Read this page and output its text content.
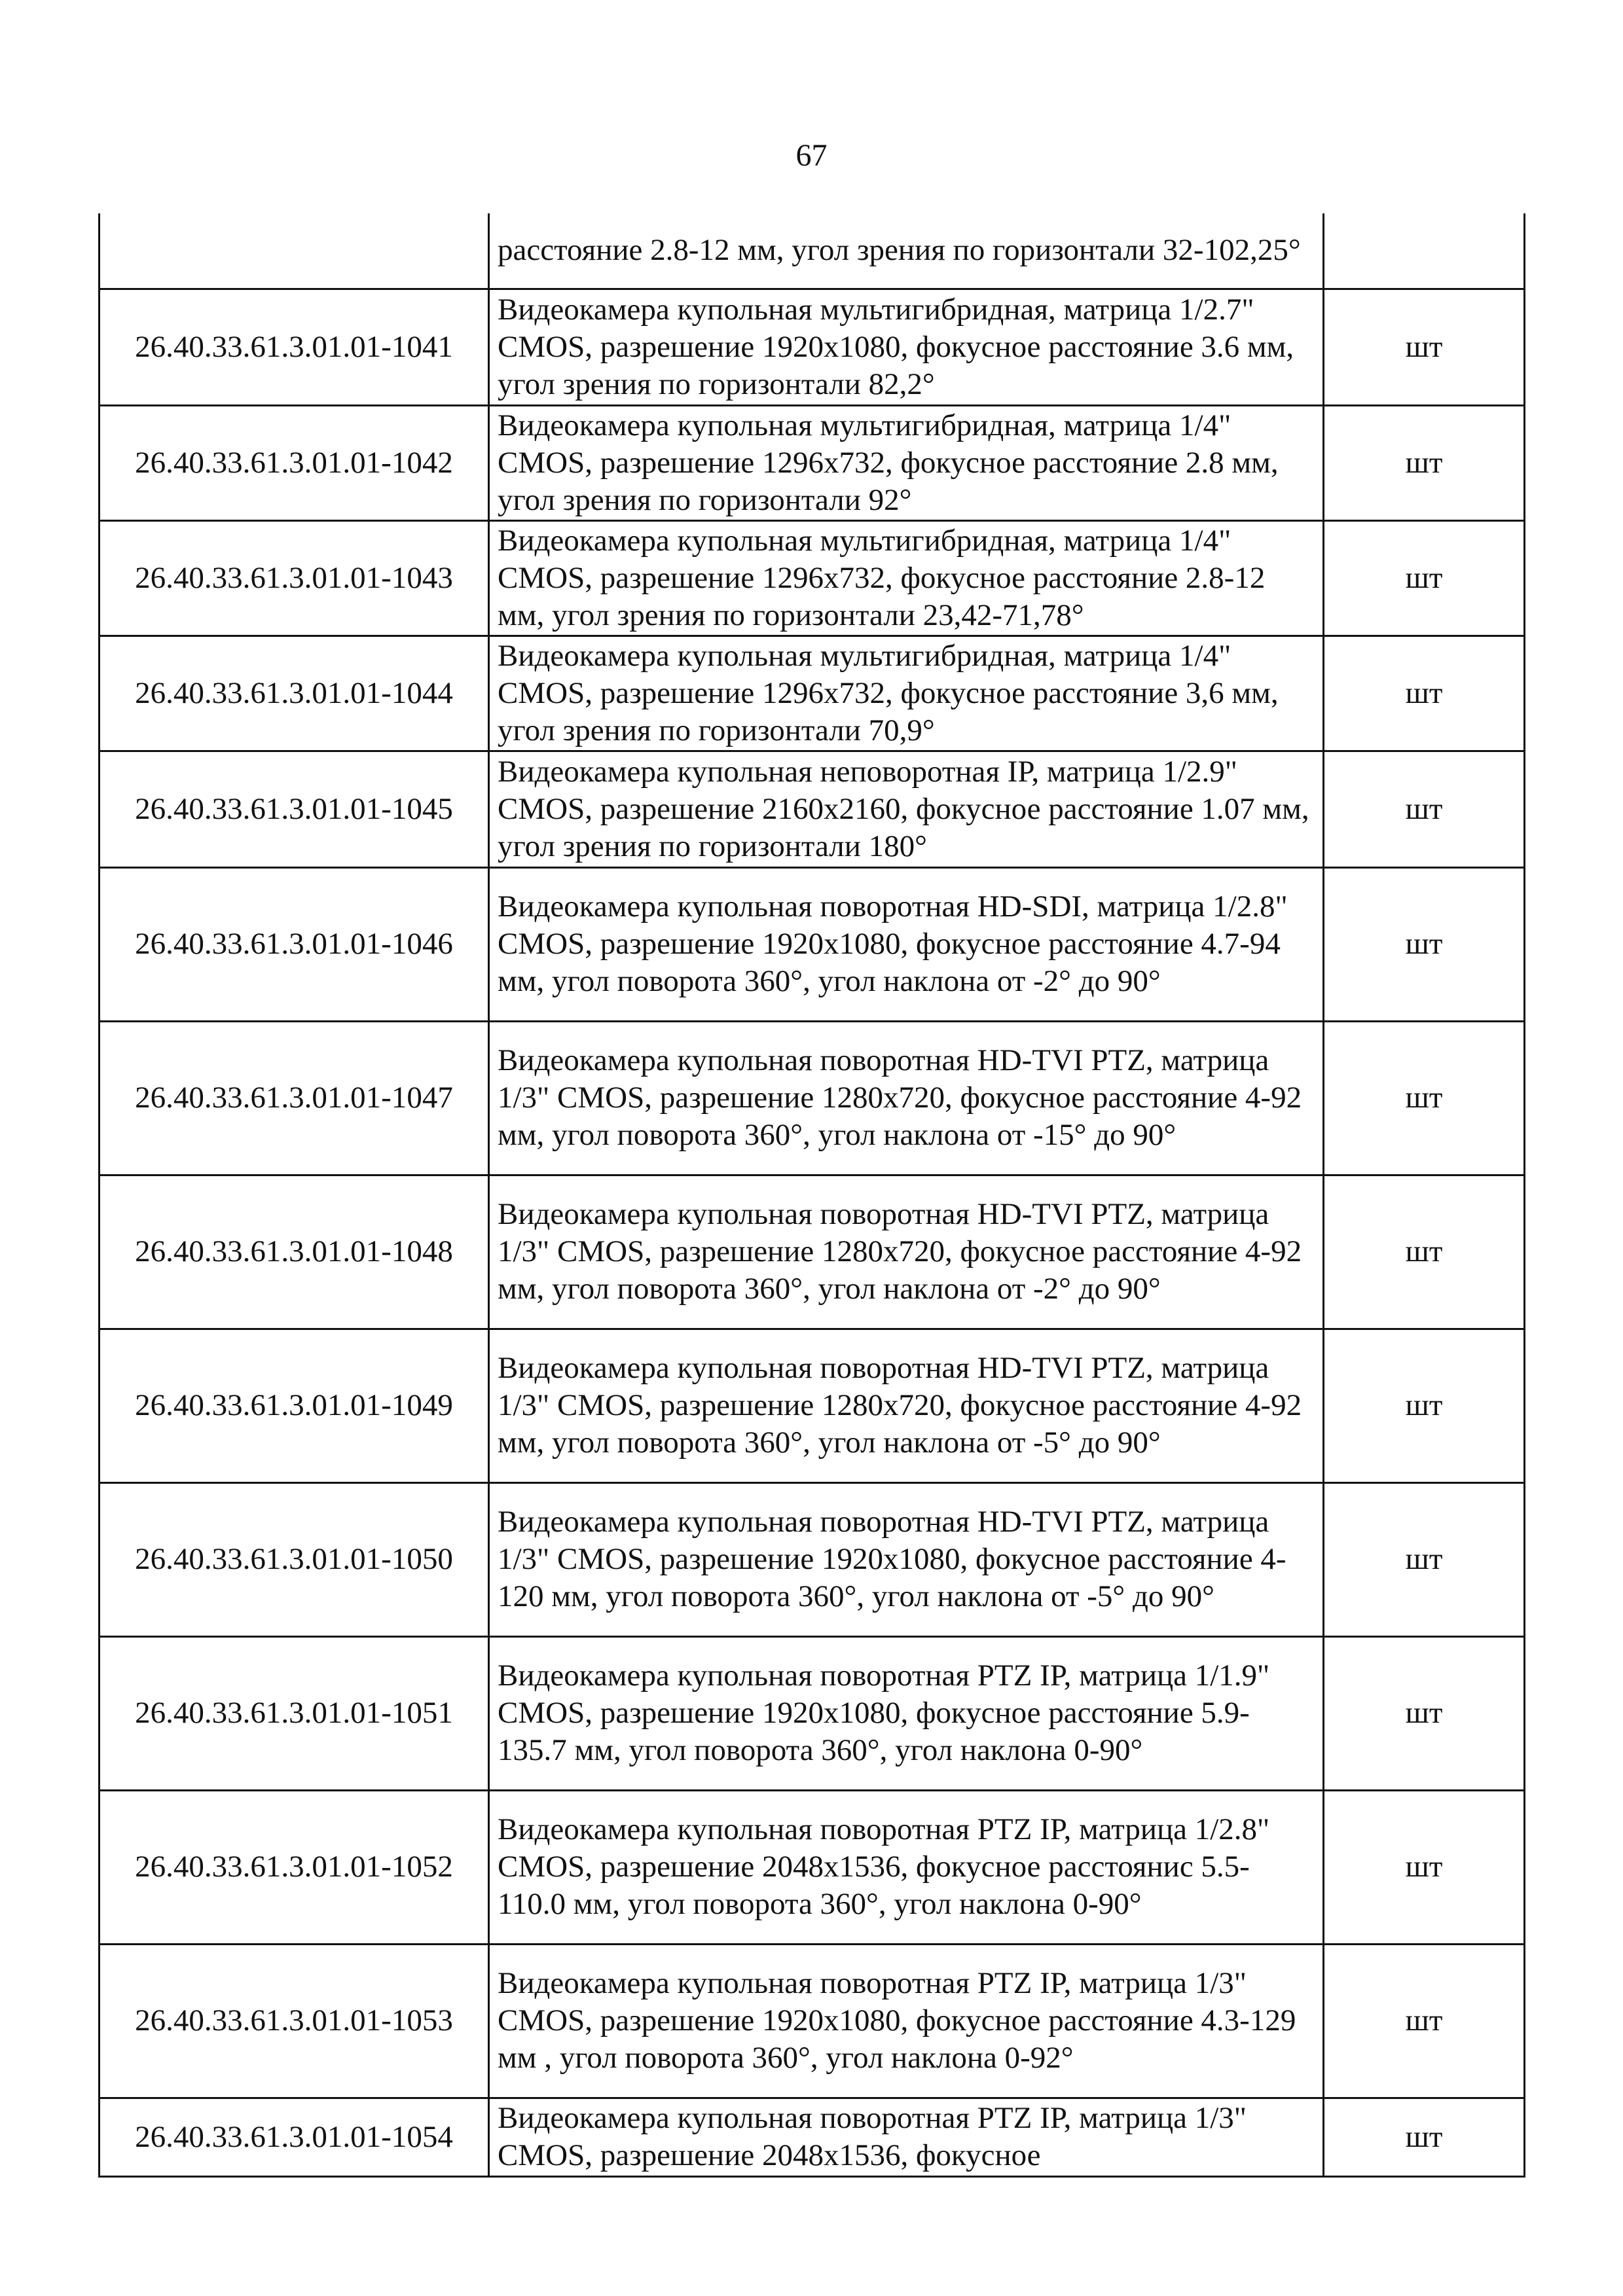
67
	расстояние 2.8-12 мм, угол зрения по горизонтали 32-102,25°	
26.40.33.61.3.01.01-1041	Видеокамера купольная мультигибридная, матрица 1/2.7" CMOS, разрешение 1920х1080, фокусное расстояние 3.6 мм, угол зрения по горизонтали 82,2°	шт
26.40.33.61.3.01.01-1042	Видеокамера купольная мультигибридная, матрица 1/4" CMOS, разрешение 1296х732, фокусное расстояние 2.8 мм, угол зрения по горизонтали 92°	шт
26.40.33.61.3.01.01-1043	Видеокамера купольная мультигибридная, матрица 1/4" CMOS, разрешение 1296х732, фокусное расстояние 2.8-12 мм, угол зрения по горизонтали 23,42-71,78°	шт
26.40.33.61.3.01.01-1044	Видеокамера купольная мультигибридная, матрица 1/4" CMOS, разрешение 1296х732, фокусное расстояние 3,6 мм, угол зрения по горизонтали 70,9°	шт
26.40.33.61.3.01.01-1045	Видеокамера купольная неповоротная IP, матрица 1/2.9" CMOS, разрешение 2160х2160, фокусное расстояние 1.07 мм, угол зрения по горизонтали 180°	шт
26.40.33.61.3.01.01-1046	Видеокамера купольная поворотная HD-SDI, матрица 1/2.8" CMOS, разрешение 1920х1080, фокусное расстояние 4.7-94 мм, угол поворота 360°, угол наклона от -2° до 90°	шт
26.40.33.61.3.01.01-1047	Видеокамера купольная поворотная HD-TVI PTZ, матрица 1/3" CMOS, разрешение 1280х720, фокусное расстояние 4-92 мм, угол поворота 360°, угол наклона от -15° до 90°	шт
26.40.33.61.3.01.01-1048	Видеокамера купольная поворотная HD-TVI PTZ, матрица 1/3" CMOS, разрешение 1280х720, фокусное расстояние 4-92 мм, угол поворота 360°, угол наклона от -2° до 90°	шт
26.40.33.61.3.01.01-1049	Видеокамера купольная поворотная HD-TVI PTZ, матрица 1/3" CMOS, разрешение 1280х720, фокусное расстояние 4-92 мм, угол поворота 360°, угол наклона от -5° до 90°	шт
26.40.33.61.3.01.01-1050	Видеокамера купольная поворотная HD-TVI PTZ, матрица 1/3" CMOS, разрешение 1920х1080, фокусное расстояние 4-120 мм, угол поворота 360°, угол наклона от -5° до 90°	шт
26.40.33.61.3.01.01-1051	Видеокамера купольная поворотная PTZ IP, матрица 1/1.9" CMOS, разрешение 1920х1080, фокусное расстояние 5.9-135.7 мм, угол поворота 360°, угол наклона 0-90°	шт
26.40.33.61.3.01.01-1052	Видеокамера купольная поворотная PTZ IP, матрица 1/2.8" CMOS, разрешение 2048х1536, фокусное расстоянис 5.5-110.0 мм, угол поворота 360°, угол наклона 0-90°	шт
26.40.33.61.3.01.01-1053	Видеокамера купольная поворотная PTZ IP, матрица 1/3" CMOS, разрешение 1920х1080, фокусное расстояние 4.3-129 мм , угол поворота 360°, угол наклона 0-92°	шт
26.40.33.61.3.01.01-1054	Видеокамера купольная поворотная PTZ IP, матрица 1/3" CMOS, разрешение 2048х1536, фокусное	шт
